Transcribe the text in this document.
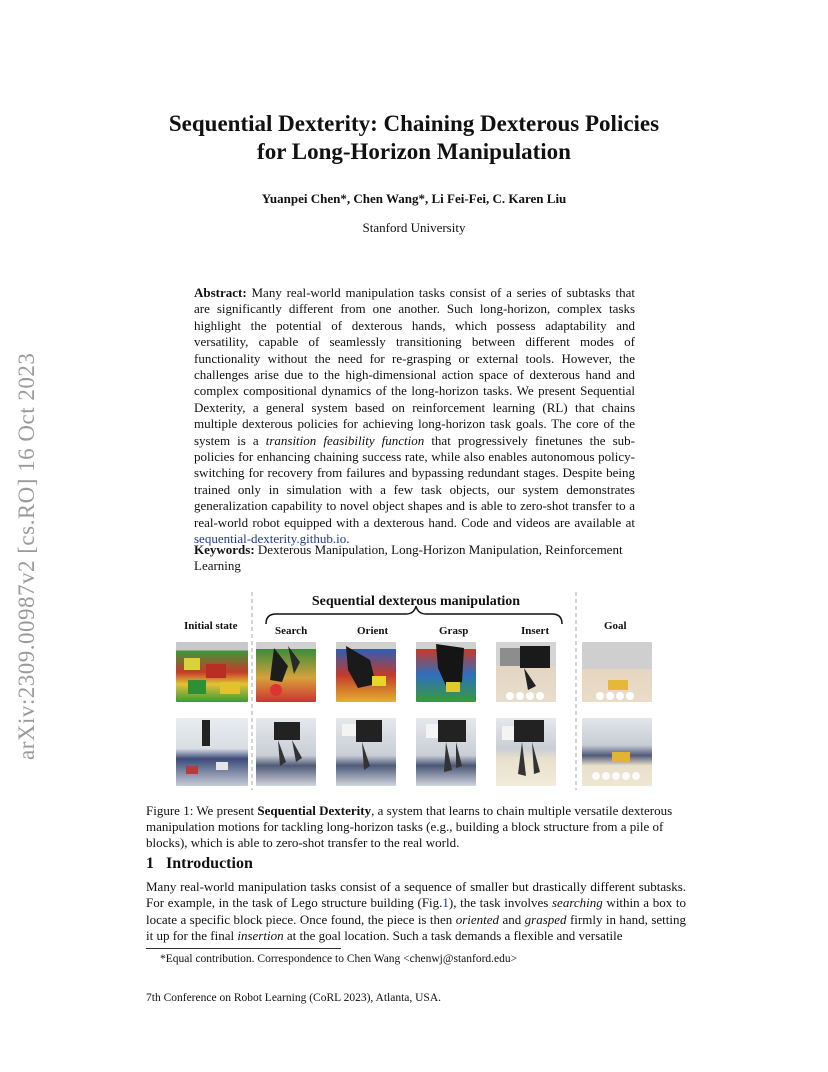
arXiv:2309.00987v2 [cs.RO] 16 Oct 2023
Sequential Dexterity: Chaining Dexterous Policies
for Long-Horizon Manipulation
Yuanpei Chen*, Chen Wang*, Li Fei-Fei, C. Karen Liu
Stanford University
Abstract: Many real-world manipulation tasks consist of a series of subtasks that are significantly different from one another. Such long-horizon, complex tasks highlight the potential of dexterous hands, which possess adaptability and versatility, capable of seamlessly transitioning between different modes of functionality without the need for re-grasping or external tools. However, the challenges arise due to the high-dimensional action space of dexterous hand and complex compositional dynamics of the long-horizon tasks. We present Sequential Dexterity, a general system based on reinforcement learning (RL) that chains multiple dexterous policies for achieving long-horizon task goals. The core of the system is a transition feasibility function that progressively finetunes the sub-policies for enhancing chaining success rate, while also enables autonomous policy-switching for recovery from failures and bypassing redundant stages. Despite being trained only in simulation with a few task objects, our system demonstrates generalization capability to novel object shapes and is able to zero-shot transfer to a real-world robot equipped with a dexterous hand. Code and videos are available at sequential-dexterity.github.io.
Keywords: Dexterous Manipulation, Long-Horizon Manipulation, Reinforcement Learning
Sequential dexterous manipulation
Initial state	Goal
Search	Orient	Grasp	Insert
Figure 1: We present Sequential Dexterity, a system that learns to chain multiple versatile dexterous manipulation motions for tackling long-horizon tasks (e.g., building a block structure from a pile of blocks), which is able to zero-shot transfer to the real world.
1 Introduction
Many real-world manipulation tasks consist of a sequence of smaller but drastically different subtasks. For example, in the task of Lego structure building (Fig.1), the task involves searching within a box to locate a specific block piece. Once found, the piece is then oriented and grasped firmly in hand, setting it up for the final insertion at the goal location. Such a task demands a flexible and versatile
*Equal contribution. Correspondence to Chen Wang <chenwj@stanford.edu>
7th Conference on Robot Learning (CoRL 2023), Atlanta, USA.
